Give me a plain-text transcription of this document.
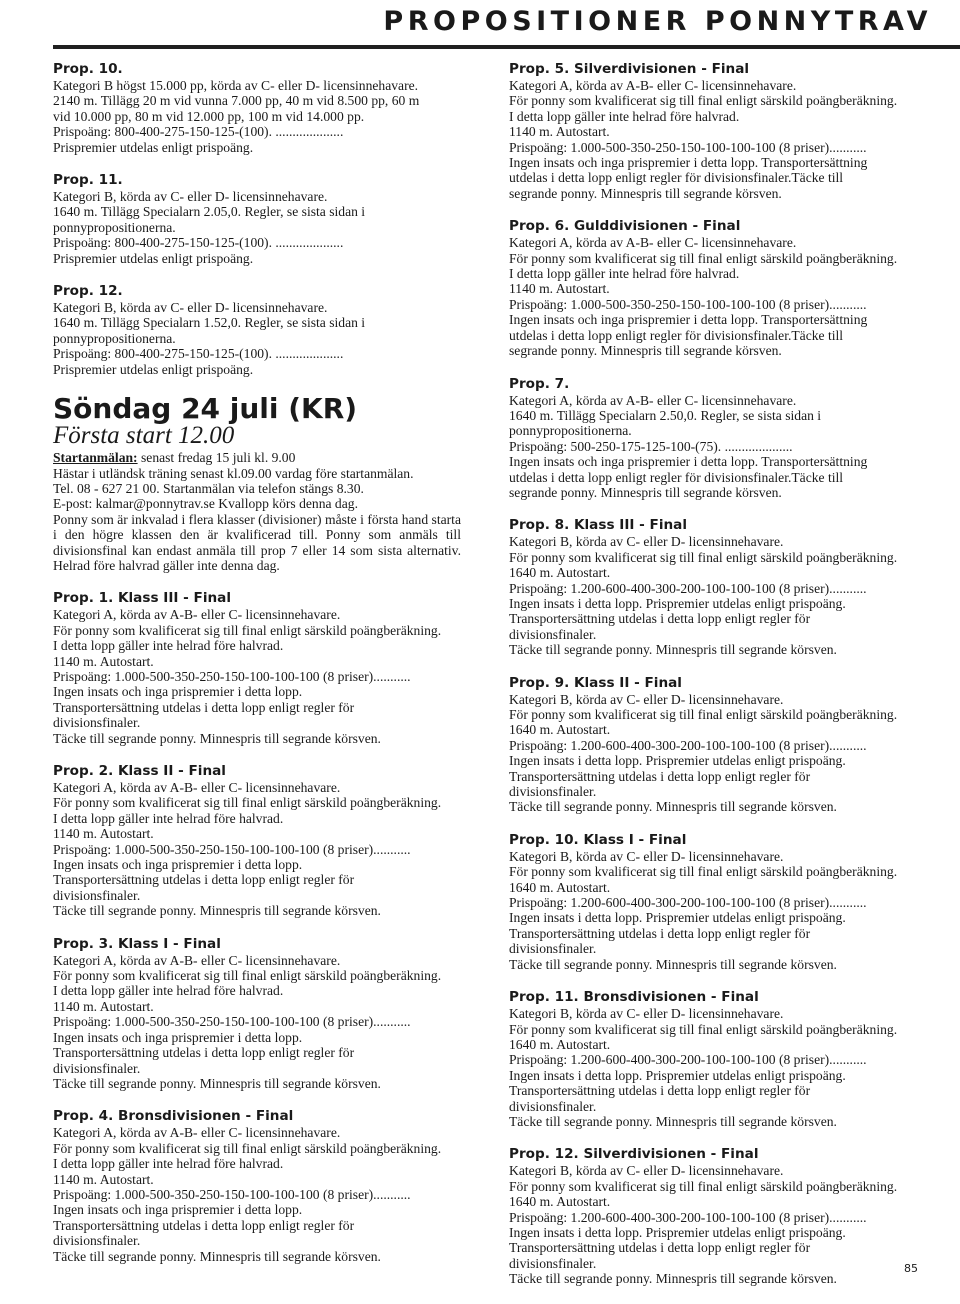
PROPOSITIONER PONNYTRAV
Prop. 10.
Kategori B högst 15.000 pp, körda av C- eller D- licensinnehavare.
2140 m. Tillägg 20 m vid vunna 7.000 pp, 40 m vid 8.500 pp, 60 m
vid 10.000 pp, 80 m vid 12.000 pp, 100 m vid 14.000 pp.
Prispoäng: 800-400-275-150-125-(100). ....................
Prispremier utdelas enligt prispoäng.
Prop. 11.
Kategori B, körda av C- eller D- licensinnehavare.
1640 m. Tillägg Specialarn 2.05,0. Regler, se sista sidan i
ponnypropositionerna.
Prispoäng: 800-400-275-150-125-(100). ....................
Prispremier utdelas enligt prispoäng.
Prop. 12.
Kategori B, körda av C- eller D- licensinnehavare.
1640 m. Tillägg Specialarn 1.52,0. Regler, se sista sidan i
ponnypropositionerna.
Prispoäng: 800-400-275-150-125-(100). ....................
Prispremier utdelas enligt prispoäng.
Söndag 24 juli (KR)
Första start 12.00
Startanmälan: senast fredag 15 juli kl. 9.00
Hästar i utländsk träning senast kl.09.00 vardag före startanmälan.
Tel. 08 - 627 21 00. Startanmälan via telefon stängs 8.30.
E-post: kalmar@ponnytrav.se Kvallopp körs denna dag.
Ponny som är inkvalad i flera klasser (divisioner) måste i första hand starta i den högre klassen den är kvalificerad till. Ponny som anmäls till divisionsfinal kan endast anmäla till prop 7 eller 14 som sista alternativ. Helrad före halvrad gäller inte denna dag.
Prop. 1. Klass III - Final
Kategori A, körda av A-B- eller C- licensinnehavare.
För ponny som kvalificerat sig till final enligt särskild poängberäkning.
I detta lopp gäller inte helrad före halvrad.
1140 m. Autostart.
Prispoäng: 1.000-500-350-250-150-100-100-100 (8 priser)...........
Ingen insats och inga prispremier i detta lopp.
Transportersättning utdelas i detta lopp enligt regler för
divisionsfinaler.
Täcke till segrande ponny. Minnespris till segrande körsven.
Prop. 2. Klass II - Final
Kategori A, körda av A-B- eller C- licensinnehavare.
För ponny som kvalificerat sig till final enligt särskild poängberäkning.
I detta lopp gäller inte helrad före halvrad.
1140 m. Autostart.
Prispoäng: 1.000-500-350-250-150-100-100-100 (8 priser)...........
Ingen insats och inga prispremier i detta lopp.
Transportersättning utdelas i detta lopp enligt regler för
divisionsfinaler.
Täcke till segrande ponny. Minnespris till segrande körsven.
Prop. 3. Klass I - Final
Kategori A, körda av A-B- eller C- licensinnehavare.
För ponny som kvalificerat sig till final enligt särskild poängberäkning.
I detta lopp gäller inte helrad före halvrad.
1140 m. Autostart.
Prispoäng: 1.000-500-350-250-150-100-100-100 (8 priser)...........
Ingen insats och inga prispremier i detta lopp.
Transportersättning utdelas i detta lopp enligt regler för
divisionsfinaler.
Täcke till segrande ponny. Minnespris till segrande körsven.
Prop. 4. Bronsdivisionen - Final
Kategori A, körda av A-B- eller C- licensinnehavare.
För ponny som kvalificerat sig till final enligt särskild poängberäkning.
I detta lopp gäller inte helrad före halvrad.
1140 m. Autostart.
Prispoäng: 1.000-500-350-250-150-100-100-100 (8 priser)...........
Ingen insats och inga prispremier i detta lopp.
Transportersättning utdelas i detta lopp enligt regler för
divisionsfinaler.
Täcke till segrande ponny. Minnespris till segrande körsven.
Prop. 5. Silverdivisionen - Final
Kategori A, körda av A-B- eller C- licensinnehavare.
För ponny som kvalificerat sig till final enligt särskild poängberäkning.
I detta lopp gäller inte helrad före halvrad.
1140 m. Autostart.
Prispoäng: 1.000-500-350-250-150-100-100-100 (8 priser)...........
Ingen insats och inga prispremier i detta lopp. Transportersättning
utdelas i detta lopp enligt regler för divisionsfinaler.Täcke till
segrande ponny. Minnespris till segrande körsven.
Prop. 6. Gulddivisionen - Final
Kategori A, körda av A-B- eller C- licensinnehavare.
För ponny som kvalificerat sig till final enligt särskild poängberäkning.
I detta lopp gäller inte helrad före halvrad.
1140 m. Autostart.
Prispoäng: 1.000-500-350-250-150-100-100-100 (8 priser)...........
Ingen insats och inga prispremier i detta lopp. Transportersättning
utdelas i detta lopp enligt regler för divisionsfinaler.Täcke till
segrande ponny. Minnespris till segrande körsven.
Prop. 7.
Kategori A, körda av A-B- eller C- licensinnehavare.
1640 m. Tillägg Specialarn 2.50,0. Regler, se sista sidan i
ponnypropositionerna.
Prispoäng: 500-250-175-125-100-(75). ....................
Ingen insats och inga prispremier i detta lopp. Transportersättning
utdelas i detta lopp enligt regler för divisionsfinaler.Täcke till
segrande ponny. Minnespris till segrande körsven.
Prop. 8. Klass III - Final
Kategori B, körda av C- eller D- licensinnehavare.
För ponny som kvalificerat sig till final enligt särskild poängberäkning.
1640 m. Autostart.
Prispoäng: 1.200-600-400-300-200-100-100-100 (8 priser)...........
Ingen insats i detta lopp. Prispremier utdelas enligt prispoäng.
Transportersättning utdelas i detta lopp enligt regler för
divisionsfinaler.
Täcke till segrande ponny. Minnespris till segrande körsven.
Prop. 9. Klass II - Final
Kategori B, körda av C- eller D- licensinnehavare.
För ponny som kvalificerat sig till final enligt särskild poängberäkning.
1640 m. Autostart.
Prispoäng: 1.200-600-400-300-200-100-100-100 (8 priser)...........
Ingen insats i detta lopp. Prispremier utdelas enligt prispoäng.
Transportersättning utdelas i detta lopp enligt regler för
divisionsfinaler.
Täcke till segrande ponny. Minnespris till segrande körsven.
Prop. 10. Klass I - Final
Kategori B, körda av C- eller D- licensinnehavare.
För ponny som kvalificerat sig till final enligt särskild poängberäkning.
1640 m. Autostart.
Prispoäng: 1.200-600-400-300-200-100-100-100 (8 priser)...........
Ingen insats i detta lopp. Prispremier utdelas enligt prispoäng.
Transportersättning utdelas i detta lopp enligt regler för
divisionsfinaler.
Täcke till segrande ponny. Minnespris till segrande körsven.
Prop. 11. Bronsdivisionen - Final
Kategori B, körda av C- eller D- licensinnehavare.
För ponny som kvalificerat sig till final enligt särskild poängberäkning.
1640 m. Autostart.
Prispoäng: 1.200-600-400-300-200-100-100-100 (8 priser)...........
Ingen insats i detta lopp. Prispremier utdelas enligt prispoäng.
Transportersättning utdelas i detta lopp enligt regler för
divisionsfinaler.
Täcke till segrande ponny. Minnespris till segrande körsven.
Prop. 12. Silverdivisionen - Final
Kategori B, körda av C- eller D- licensinnehavare.
För ponny som kvalificerat sig till final enligt särskild poängberäkning.
1640 m. Autostart.
Prispoäng: 1.200-600-400-300-200-100-100-100 (8 priser)...........
Ingen insats i detta lopp. Prispremier utdelas enligt prispoäng.
Transportersättning utdelas i detta lopp enligt regler för
divisionsfinaler.
Täcke till segrande ponny. Minnespris till segrande körsven.
85
